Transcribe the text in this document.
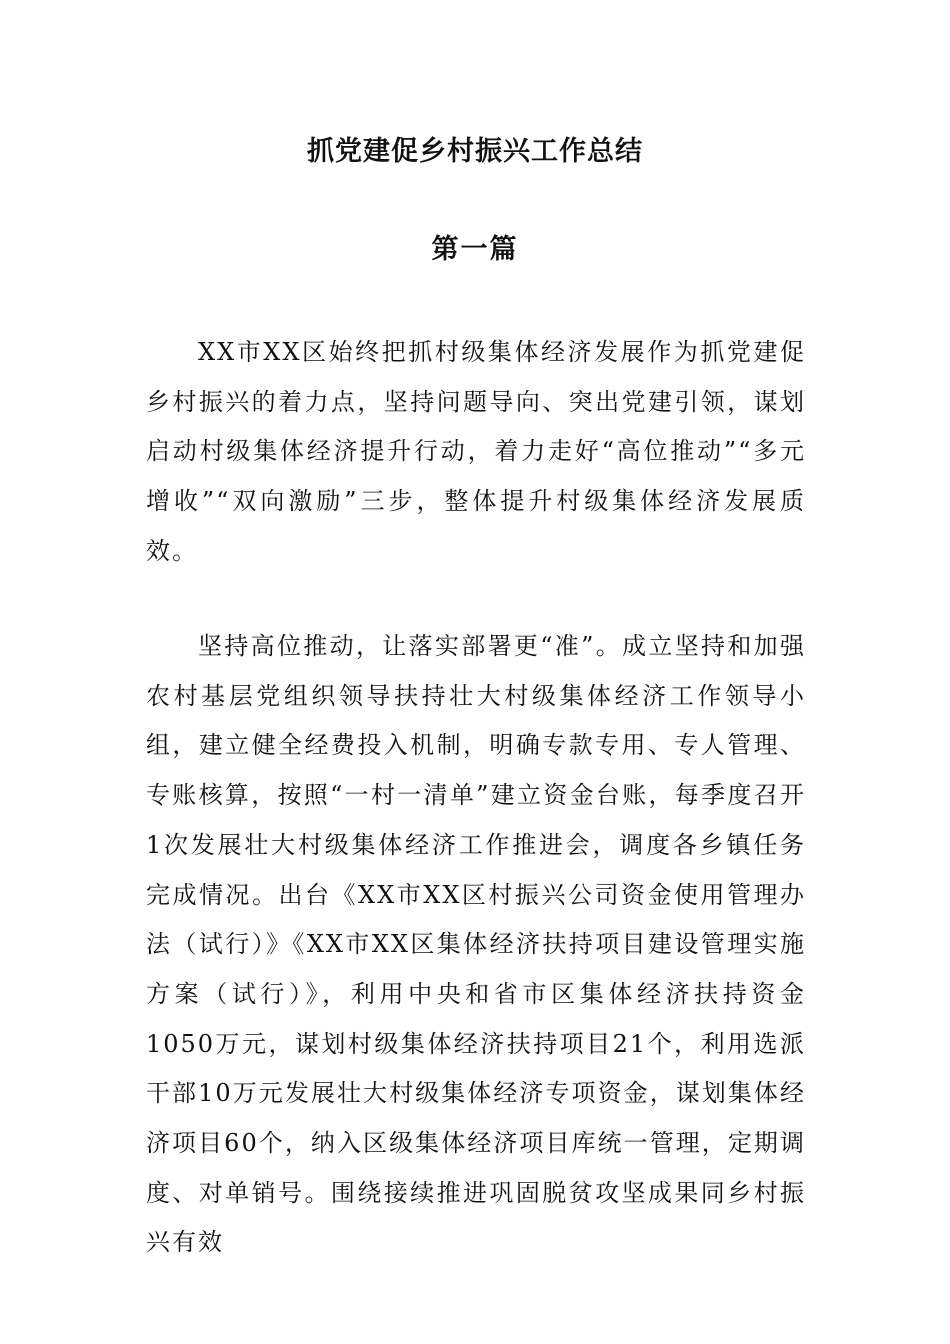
抓党建促乡村振兴工作总结
第一篇

XX市XX区始终把抓村级集体经济发展作为抓党建促乡村振兴的着力点，坚持问题导向、突出党建引领，谋划启动村级集体经济提升行动，着力走好“高位推动”“多元增收”“双向激励”三步，整体提升村级集体经济发展质效。

坚持高位推动，让落实部署更“准”。成立坚持和加强农村基层党组织领导扶持壮大村级集体经济工作领导小组，建立健全经费投入机制，明确专款专用、专人管理、专账核算，按照“一村一清单”建立资金台账，每季度召开1次发展壮大村级集体经济工作推进会，调度各乡镇任务完成情况。出台《XX市XX区村振兴公司资金使用管理办法（试行）》《XX市XX区集体经济扶持项目建设管理实施方案（试行）》，利用中央和省市区集体经济扶持资金1050万元，谋划村级集体经济扶持项目21个，利用选派干部10万元发展壮大村级集体经济专项资金，谋划集体经济项目60个，纳入区级集体经济项目库统一管理，定期调度、对单销号。围绕接续推进巩固脱贫攻坚成果同乡村振兴有效
